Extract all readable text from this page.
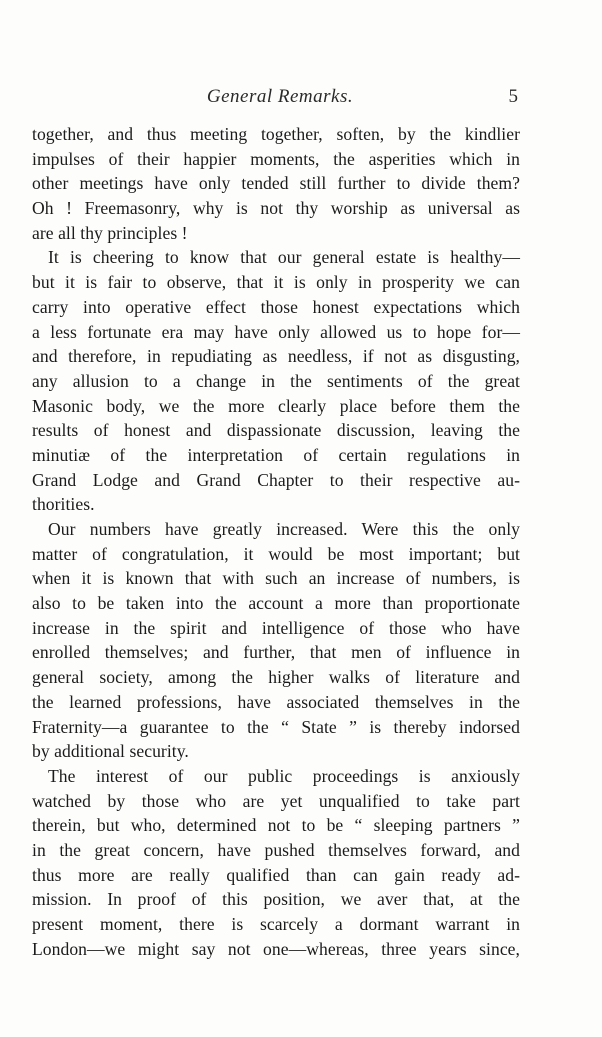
General Remarks.	5
together, and thus meeting together, soften, by the kindlier
impulses of their happier moments, the asperities which in
other meetings have only tended still further to divide them?
Oh ! Freemasonry, why is not thy worship as universal as
are all thy principles !
It is cheering to know that our general estate is healthy—
but it is fair to observe, that it is only in prosperity we can
carry into operative effect those honest expectations which
a less fortunate era may have only allowed us to hope for—
and therefore, in repudiating as needless, if not as disgusting,
any allusion to a change in the sentiments of the great
Masonic body, we the more clearly place before them the
results of honest and dispassionate discussion, leaving the
minutiæ of the interpretation of certain regulations in
Grand Lodge and Grand Chapter to their respective au-
thorities.
Our numbers have greatly increased. Were this the only
matter of congratulation, it would be most important; but
when it is known that with such an increase of numbers, is
also to be taken into the account a more than proportionate
increase in the spirit and intelligence of those who have
enrolled themselves; and further, that men of influence in
general society, among the higher walks of literature and
the learned professions, have associated themselves in the
Fraternity—a guarantee to the “ State ” is thereby indorsed
by additional security.
The interest of our public proceedings is anxiously
watched by those who are yet unqualified to take part
therein, but who, determined not to be “ sleeping partners ”
in the great concern, have pushed themselves forward, and
thus more are really qualified than can gain ready ad-
mission. In proof of this position, we aver that, at the
present moment, there is scarcely a dormant warrant in
London—we might say not one—whereas, three years since,
